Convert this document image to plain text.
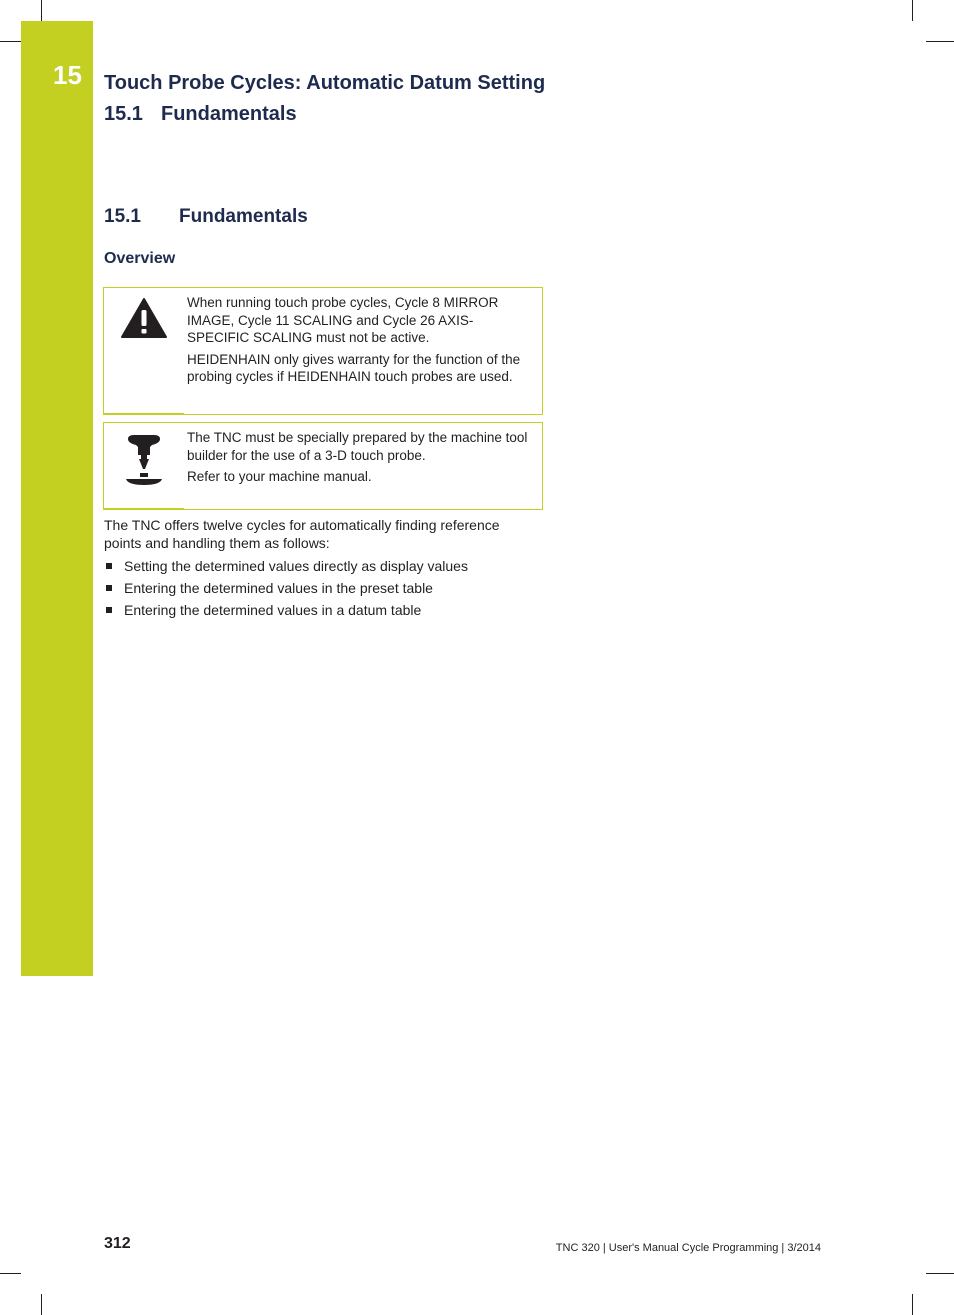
15	Touch Probe Cycles: Automatic Datum Setting
15.1 Fundamentals
15.1 Fundamentals
Overview

When running touch probe cycles, Cycle 8 MIRROR IMAGE, Cycle 11 SCALING and Cycle 26 AXIS-SPECIFIC SCALING must not be active.

HEIDENHAIN only gives warranty for the function of the probing cycles if HEIDENHAIN touch probes are used.

The TNC must be specially prepared by the machine tool builder for the use of a 3-D touch probe.

Refer to your machine manual.

The TNC offers twelve cycles for automatically finding reference points and handling them as follows:
Setting the determined values directly as display values
Entering the determined values in the preset table
Entering the determined values in a datum table
312	TNC 320 | User's Manual Cycle Programming | 3/2014
